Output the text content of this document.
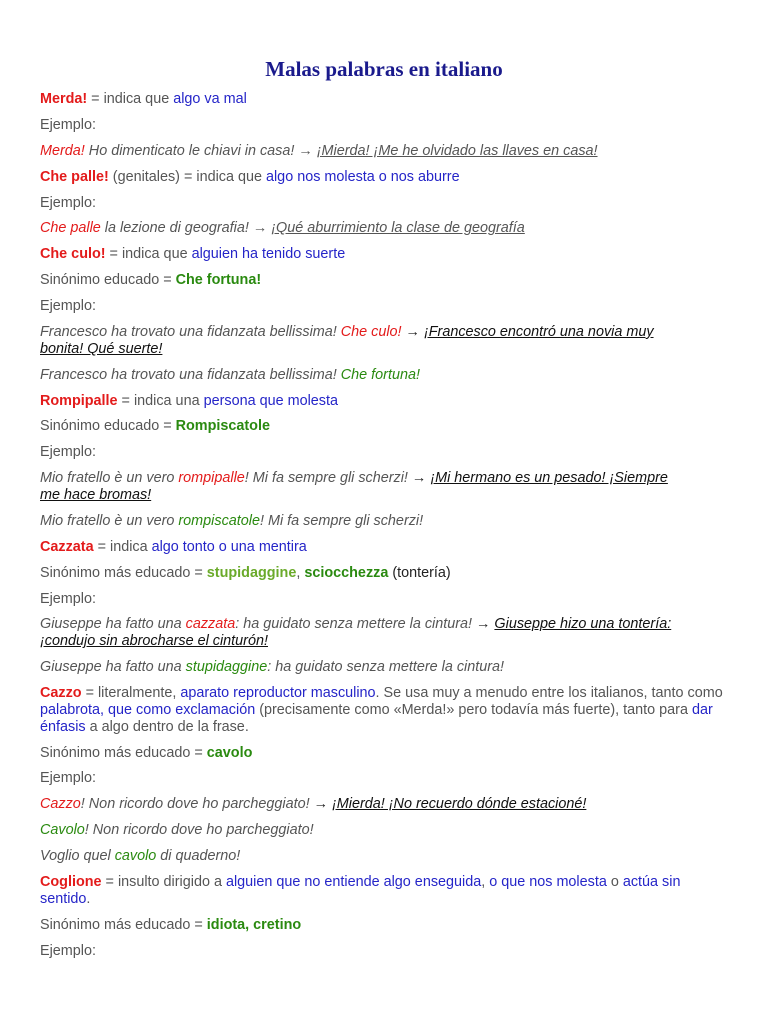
Malas palabras en italiano
Merda! = indica que algo va mal
Ejemplo:
Merda! Ho dimenticato le chiavi in casa! → ¡Mierda! ¡Me he olvidado las llaves en casa!
Che palle! (genitales) = indica que algo nos molesta o nos aburre
Ejemplo:
Che palle la lezione di geografia! → ¡Qué aburrimiento la clase de geografía
Che culo! = indica que alguien ha tenido suerte
Sinónimo educado = Che fortuna!
Ejemplo:
Francesco ha trovato una fidanzata bellissima! Che culo! → ¡Francesco encontró una novia muy
bonita! Qué suerte!
Francesco ha trovato una fidanzata bellissima! Che fortuna!
Rompipalle = indica una persona que molesta
Sinónimo educado = Rompiscatole
Ejemplo:
Mio fratello è un vero rompipalle! Mi fa sempre gli scherzi! → ¡Mi hermano es un pesado! ¡Siempre
me hace bromas!
Mio fratello è un vero rompiscatole! Mi fa sempre gli scherzi!
Cazzata = indica algo tonto o una mentira
Sinónimo más educado = stupidaggine, sciocchezza (tontería)
Ejemplo:
Giuseppe ha fatto una cazzata: ha guidato senza mettere la cintura! → Giuseppe hizo una tontería:
¡condujo sin abrocharse el cinturón!
Giuseppe ha fatto una stupidaggine: ha guidato senza mettere la cintura!
Cazzo = literalmente, aparato reproductor masculino. Se usa muy a menudo entre los italianos, tanto como palabrota, que como exclamación (precisamente como «Merda!» pero todavía más fuerte), tanto para dar énfasis a algo dentro de la frase.
Sinónimo más educado = cavolo
Ejemplo:
Cazzo! Non ricordo dove ho parcheggiato! → ¡Mierda! ¡No recuerdo dónde estacioné!
Cavolo! Non ricordo dove ho parcheggiato!
Voglio quel cavolo di quaderno!
Coglione = insulto dirigido a alguien que no entiende algo enseguida, o que nos molesta o actúa sin sentido.
Sinónimo más educado = idiota, cretino
Ejemplo:
